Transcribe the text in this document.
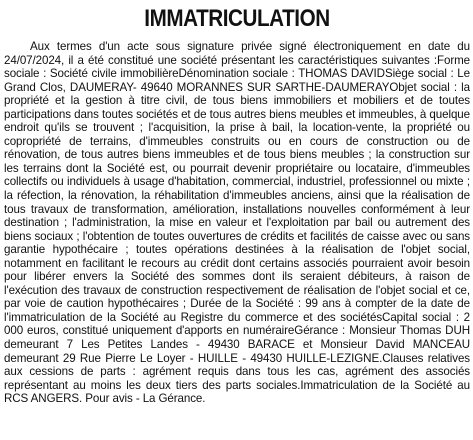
IMMATRICULATION

Aux termes d'un acte sous signature privée signé électroniquement en date du 24/07/2024, il a été constitué une société présentant les caractéristiques suivantes :Forme sociale : Société civile immobilièreDénomination sociale : THOMAS DAVIDSiège social : Le Grand Clos, DAUMERAY- 49640 MORANNES SUR SARTHE-DAUMERAYObjet social : la propriété et la gestion à titre civil, de tous biens immobiliers et mobiliers et de toutes participations dans toutes sociétés et de tous autres biens meubles et immeubles, à quelque endroit qu'ils se trouvent ; l'acquisition, la prise à bail, la location-vente, la propriété ou copropriété de terrains, d'immeubles construits ou en cours de construction ou de rénovation, de tous autres biens immeubles et de tous biens meubles ; la construction sur les terrains dont la Société est, ou pourrait devenir propriétaire ou locataire, d'immeubles collectifs ou individuels à usage d'habitation, commercial, industriel, professionnel ou mixte ; la réfection, la rénovation, la réhabilitation d'immeubles anciens, ainsi que la réalisation de tous travaux de transformation, amélioration, installations nouvelles conformément à leur destination ; l'administration, la mise en valeur et l'exploitation par bail ou autrement des biens sociaux ; l'obtention de toutes ouvertures de crédits et facilités de caisse avec ou sans garantie hypothécaire ; toutes opérations destinées à la réalisation de l'objet social, notamment en facilitant le recours au crédit dont certains associés pourraient avoir besoin pour libérer envers la Société des sommes dont ils seraient débiteurs, à raison de l'exécution des travaux de construction respectivement de réalisation de l'objet social et ce, par voie de caution hypothécaires ; Durée de la Société : 99 ans à compter de la date de l'immatriculation de la Société au Registre du commerce et des sociétésCapital social : 2 000 euros, constitué uniquement d'apports en numéraireGérance : Monsieur Thomas DUH demeurant 7 Les Petites Landes - 49430 BARACE et Monsieur David MANCEAU demeurant 29 Rue Pierre Le Loyer - HUILLE - 49430 HUILLE-LEZIGNE.Clauses relatives aux cessions de parts : agrément requis dans tous les cas, agrément des associés représentant au moins les deux tiers des parts sociales.Immatriculation de la Société au RCS ANGERS. Pour avis - La Gérance.
